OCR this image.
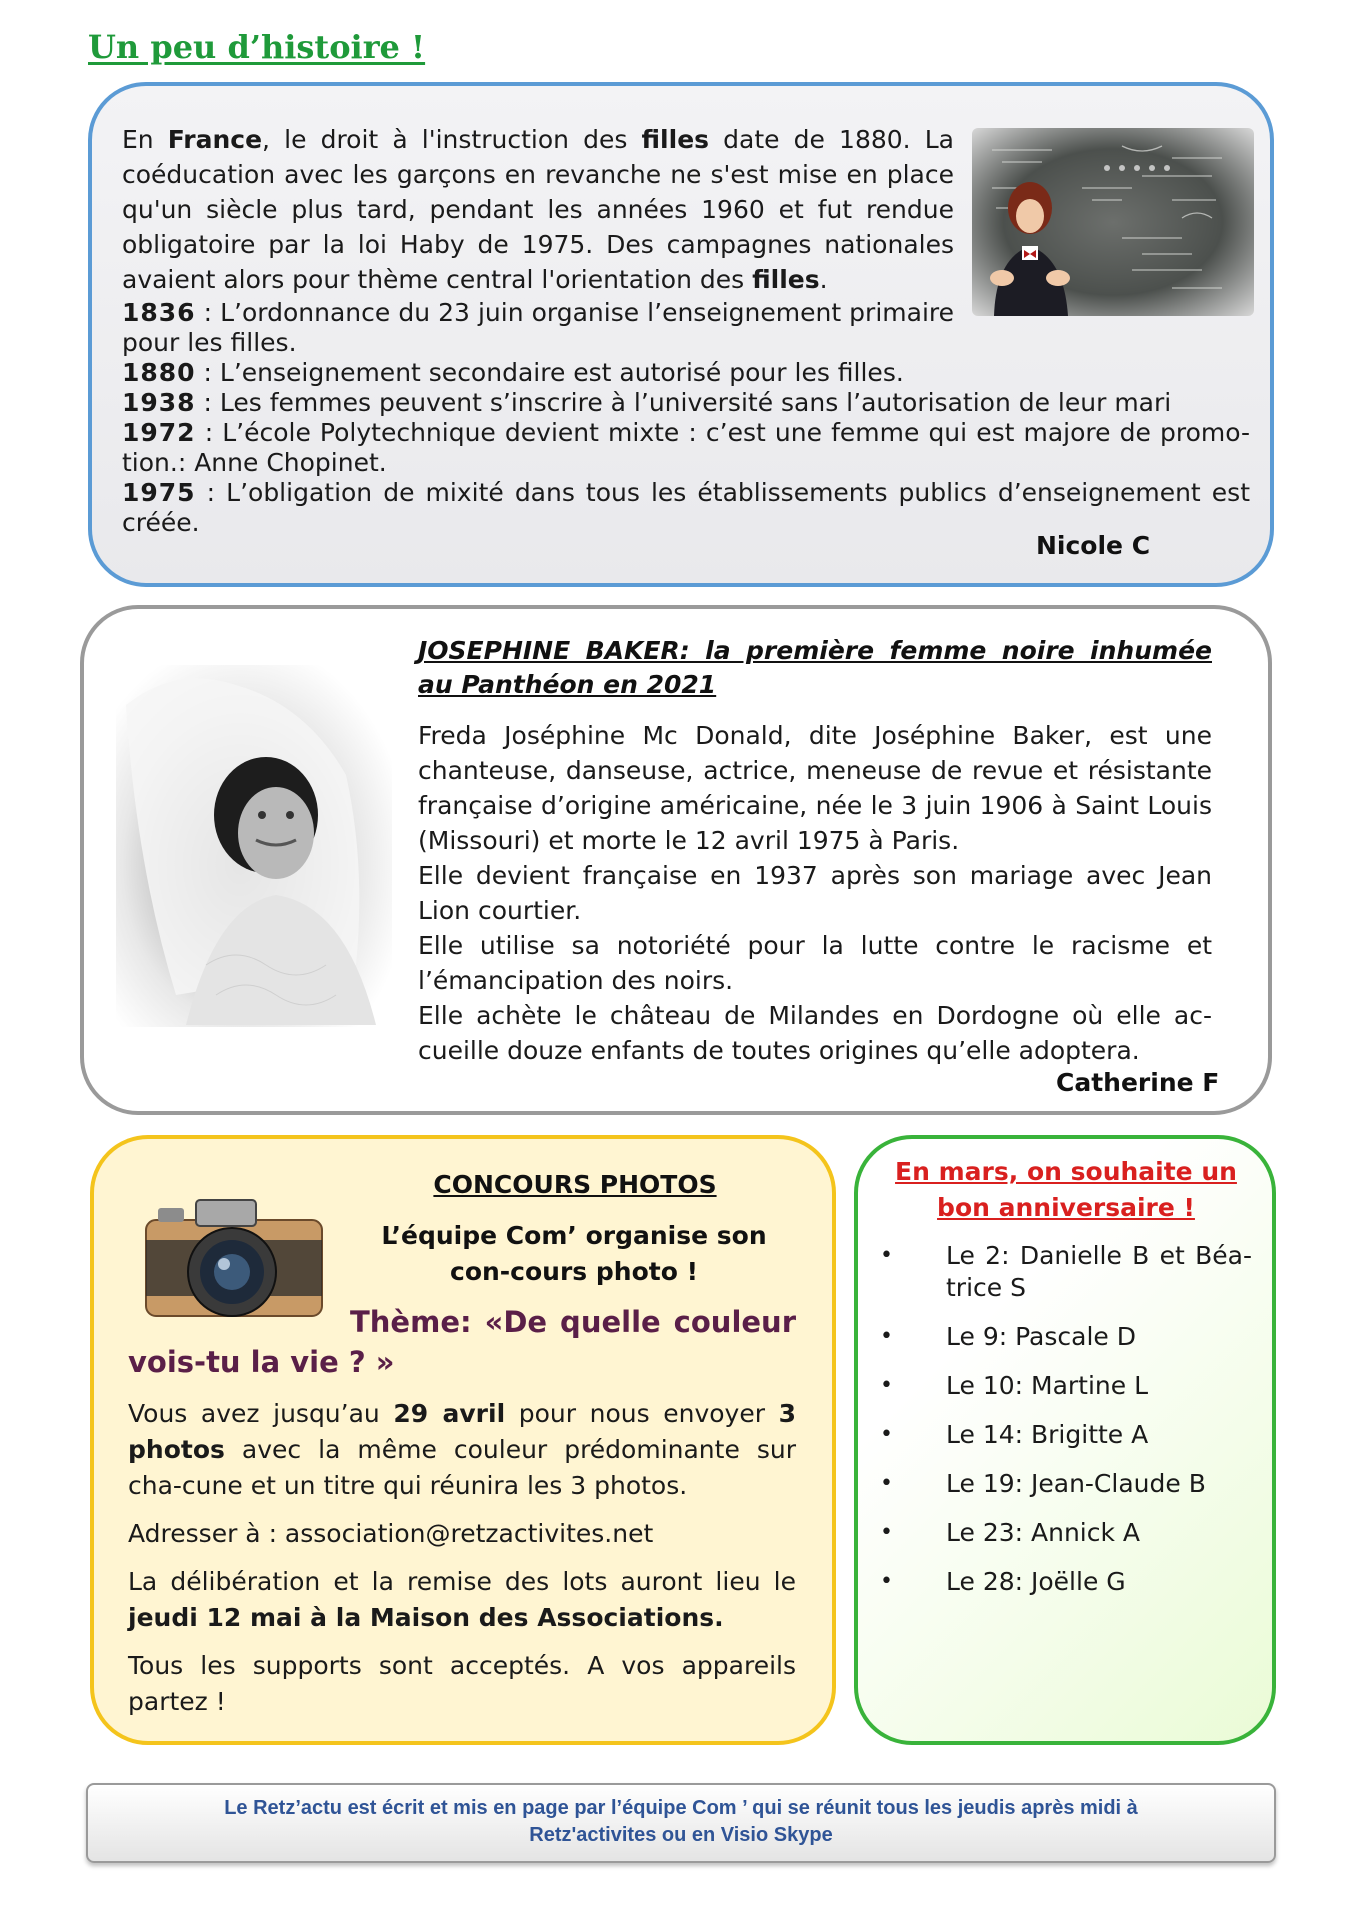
Un peu d’histoire !

En France, le droit à l'instruction des filles date de 1880. La coéducation avec les garçons en revanche ne s'est mise en place qu'un siècle plus tard, pendant les années 1960 et fut rendue obligatoire par la loi Haby de 1975. Des campagnes nationales avaient alors pour thème central l'orientation des filles.

1836 : L’ordonnance du 23 juin organise l’enseignement primaire pour les filles.
1880 : L’enseignement secondaire est autorisé pour les filles.
1938 : Les femmes peuvent s’inscrire à l’université sans l’autorisation de leur mari
1972 : L’école Polytechnique devient mixte : c’est une femme qui est majore de promo-tion.: Anne Chopinet.
1975 : L’obligation de mixité dans tous les établissements publics d’enseignement est créée.
Nicole C
JOSEPHINE BAKER: la première femme noire inhumée au Panthéon en 2021

Freda Joséphine Mc Donald, dite Joséphine Baker, est une chanteuse, danseuse, actrice, meneuse de revue et résistante française d’origine américaine, née le 3 juin 1906 à Saint Louis (Missouri) et morte le 12 avril 1975 à Paris.

Elle devient française en 1937 après son mariage avec Jean Lion courtier.

Elle utilise sa notoriété pour la lutte contre le racisme et l’émancipation des noirs.

Elle achète le château de Milandes en Dordogne où elle ac-cueille douze enfants de toutes origines qu’elle adoptera.

Catherine F
CONCOURS PHOTOS
L’équipe Com’ organise son con-cours photo !
Thème: «De quelle couleur vois-tu la vie ? »

Vous avez jusqu’au 29 avril pour nous envoyer 3 photos avec la même couleur prédominante sur cha-cune et un titre qui réunira les 3 photos.

Adresser à : association@retzactivites.net

La délibération et la remise des lots auront lieu le jeudi 12 mai à la Maison des Associations.

Tous les supports sont acceptés. A vos appareils partez !

En mars, on souhaite un bon anniversaire !
• Le 2: Danielle B et Béa-trice S
• Le 9: Pascale D
• Le 10: Martine L
• Le 14: Brigitte A
• Le 19: Jean-Claude B
• Le 23: Annick A
• Le 28: Joëlle G
Le Retz’actu est écrit et mis en page par l’équipe Com ’ qui se réunit tous les jeudis après midi à
Retz'activites ou en Visio Skype
